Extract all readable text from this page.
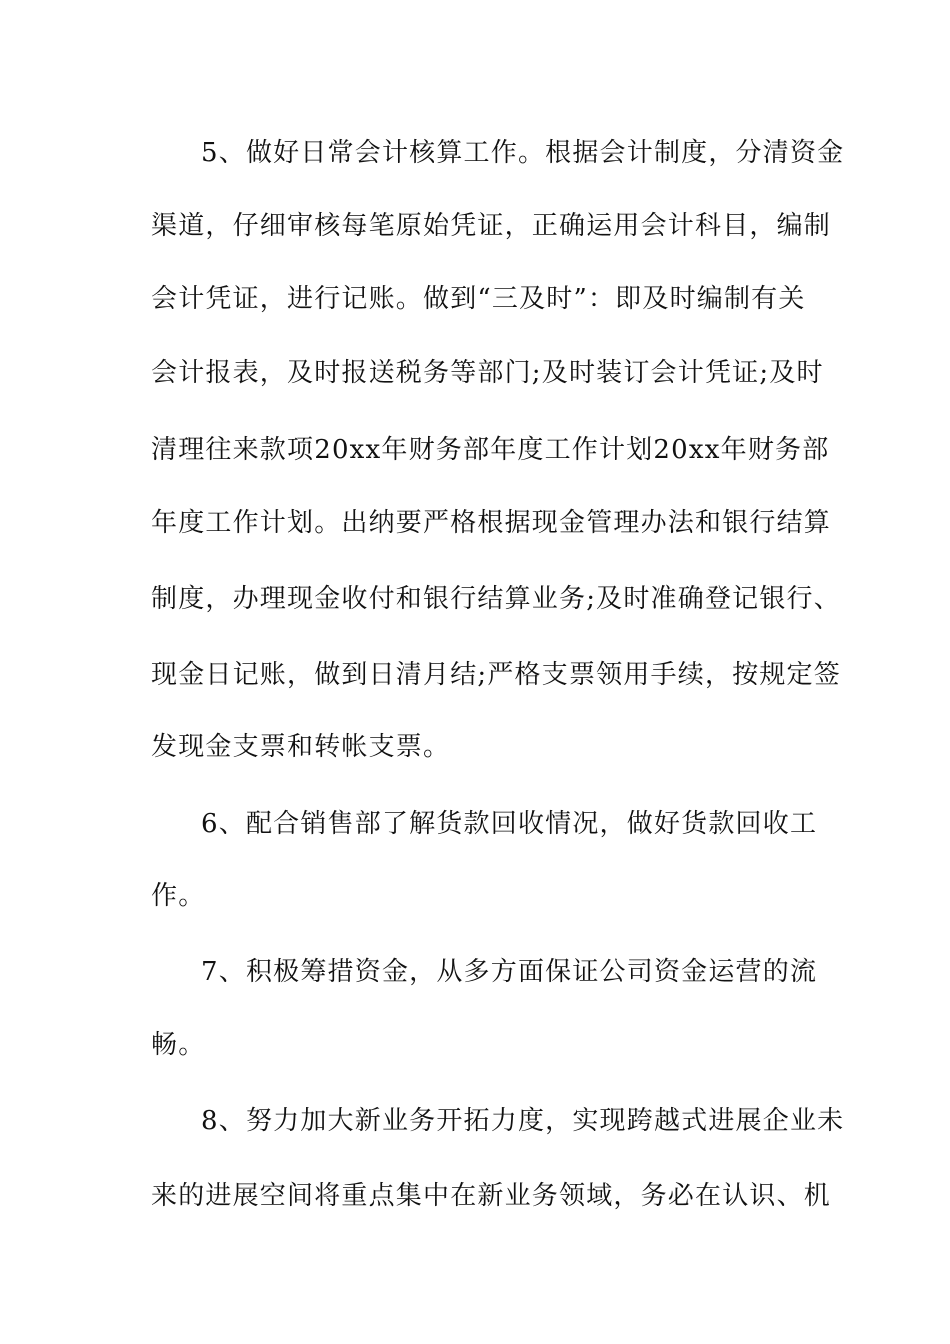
5、做好日常会计核算工作。根据会计制度，分清资金
渠道，仔细审核每笔原始凭证，正确运用会计科目，编制
会计凭证，进行记账。做到“三及时”：即及时编制有关
会计报表，及时报送税务等部门;及时装订会计凭证;及时
清理往来款项20xx年财务部年度工作计划20xx年财务部
年度工作计划。出纳要严格根据现金管理办法和银行结算
制度，办理现金收付和银行结算业务;及时准确登记银行、
现金日记账，做到日清月结;严格支票领用手续，按规定签
发现金支票和转帐支票。
6、配合销售部了解货款回收情况，做好货款回收工
作。
7、积极筹措资金，从多方面保证公司资金运营的流
畅。
8、努力加大新业务开拓力度，实现跨越式进展企业未
来的进展空间将重点集中在新业务领域，务必在认识、机
